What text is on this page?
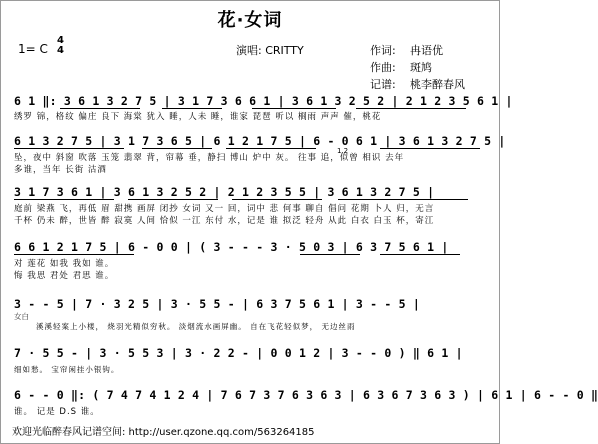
花·女词
演唱: CRITTY	作词: 冉语优
作曲: 斑鸠
记谱: 桃李醉春风
1= C
4
4
6 1 ‖: 3 6 1 3 2 7 5 | 3 1 7 3 6 6 1 | 3 6 1 3 2 5 2 | 2 1 2 3 5 6 1 |
绣罗 锦，格纹 偏庄 良下 海棠 犹入 睡，人未 睡，谁家 琵琶 听以 榈雨 声声 催，桃花
6 1 3 2 7 5 | 3 1 7 3 6 5 | 6 1 2 1 7 5 | 6 - 0 6 1 | 3 6 1 3 2 7 5 |
坠，夜中 斜窗 吹落 玉笼 翡翠 背，帘幕 垂，静扫 博山 炉中 灰。 往事 追，似曾 相识 去年
多谁，当年 长街 沽酒
1.2
3 1 7 3 6 1 | 3 6 1 3 2 5 2 | 2 1 2 3 5 5 | 3 6 1 3 2 7 5 |
庭前 梁燕 飞，再低 眉 甜携 画屏 闭抄 女词 又一 回，词中 悲 何事 聊自 倡问 花期 卜人 归，无言
千杯 仍未 醉，世皆 醉 寂寞 人间 恰似 一江 东付 水，记是 谁 拟泛 轻舟 从此 白衣 白玉 杯，寄江
6 6 1 2 1 7 5 | 6 - 0 0 | ( 3 - - - 3 · 5 0 3 | 6 3 7 5 6 1 |
对 莲花 如我 我如 谁。
悔 我思 君处 君思 谁。
3 - - 5 | 7 · 3 2 5 | 3 · 5 5 - | 6 3 7 5 6 1 | 3 - - 5 |
女白
溪溪轻案上小楼， 烧羽光精似穷秋。 淡烟流水画屏幽。 自在飞花轻似梦， 无边丝雨
7 · 5 5 - | 3 · 5 5 3 | 3 · 2 2 - | 0 0 1 2 | 3 - - 0 ) ‖ 6 1 |
细如愁。 宝帘闲挂小银钩。
6 - - 0 ‖: ( 7 4 7 4 1 2 4 | 7 6 7 3 7 6 3 6 3 | 6 3 6 7 3 6 3 ) | 6 1 | 6 - - 0 ‖
谁。 记是 D.S 谁。
欢迎光临醉春风记谱空间: http://user.qzone.qq.com/563264185
